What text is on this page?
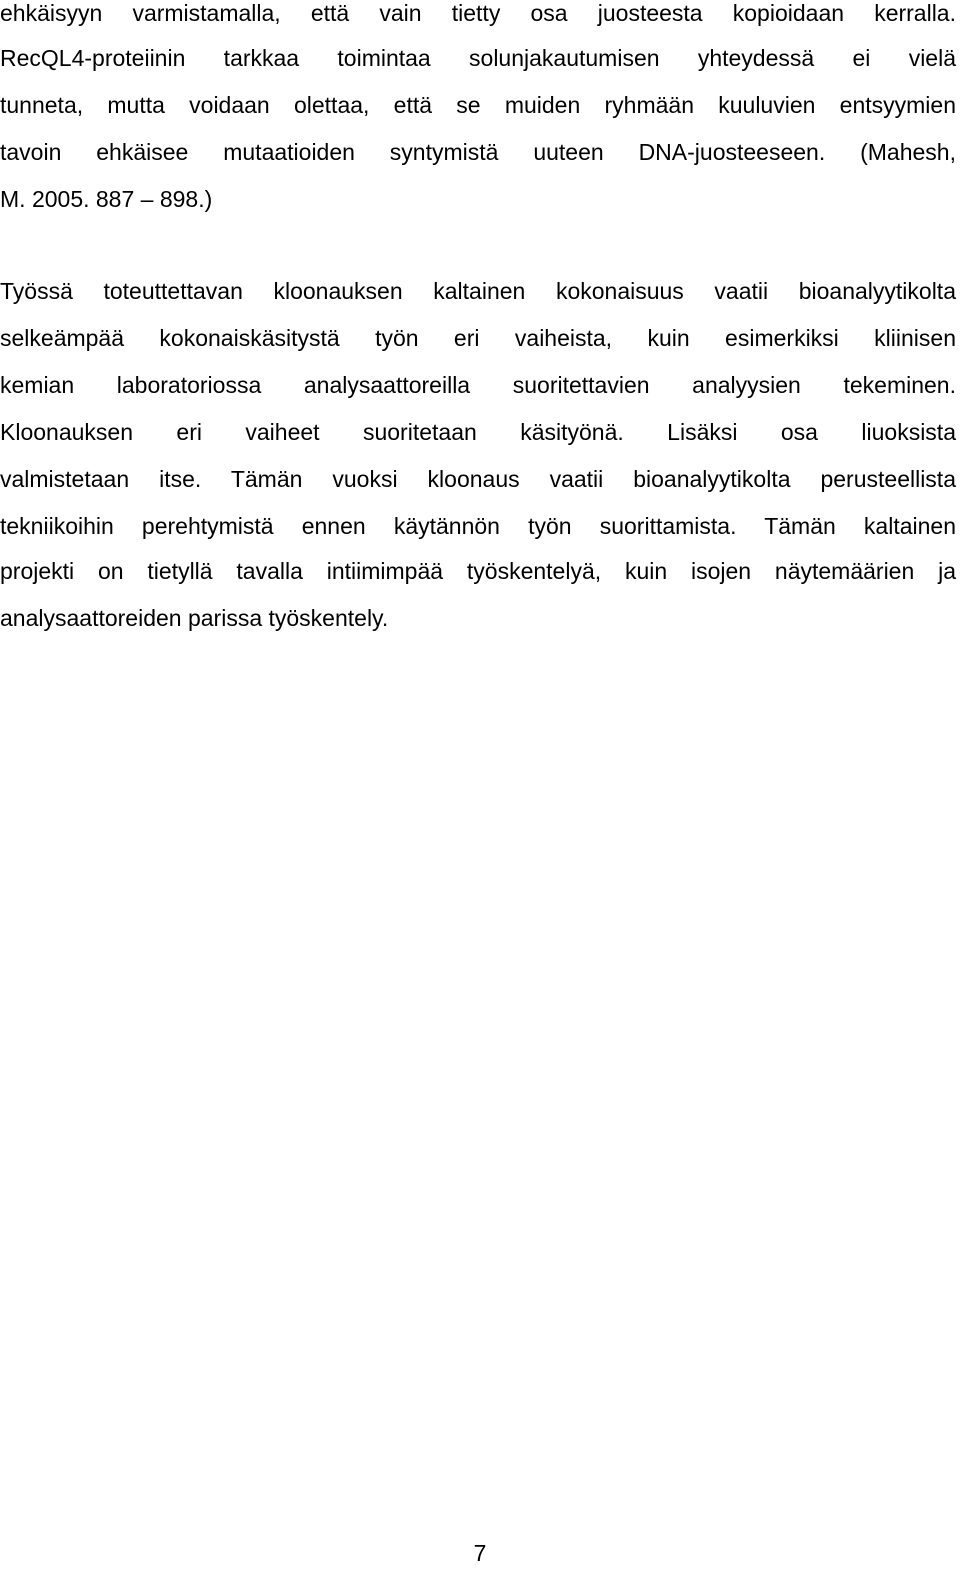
ehkäisyyn varmistamalla, että vain tietty osa juosteesta kopioidaan kerralla.
RecQL4-proteiinin tarkkaa toimintaa solunjakautumisen yhteydessä ei vielä
tunneta, mutta voidaan olettaa, että se muiden ryhmään kuuluvien entsyymien
tavoin ehkäisee mutaatioiden syntymistä uuteen DNA-juosteeseen. (Mahesh,
M. 2005. 887 – 898.)
Työssä toteuttettavan kloonauksen kaltainen kokonaisuus vaatii bioanalyytikolta
selkeämpää kokonaiskäsitystä työn eri vaiheista, kuin esimerkiksi kliinisen
kemian laboratoriossa analysaattoreilla suoritettavien analyysien tekeminen.
Kloonauksen eri vaiheet suoritetaan käsityönä. Lisäksi osa liuoksista
valmistetaan itse. Tämän vuoksi kloonaus vaatii bioanalyytikolta perusteellista
tekniikoihin perehtymistä ennen käytännön työn suorittamista. Tämän kaltainen
projekti on tietyllä tavalla intiimimpää työskentelyä, kuin isojen näytemäärien ja
analysaattoreiden parissa työskentely.
7
